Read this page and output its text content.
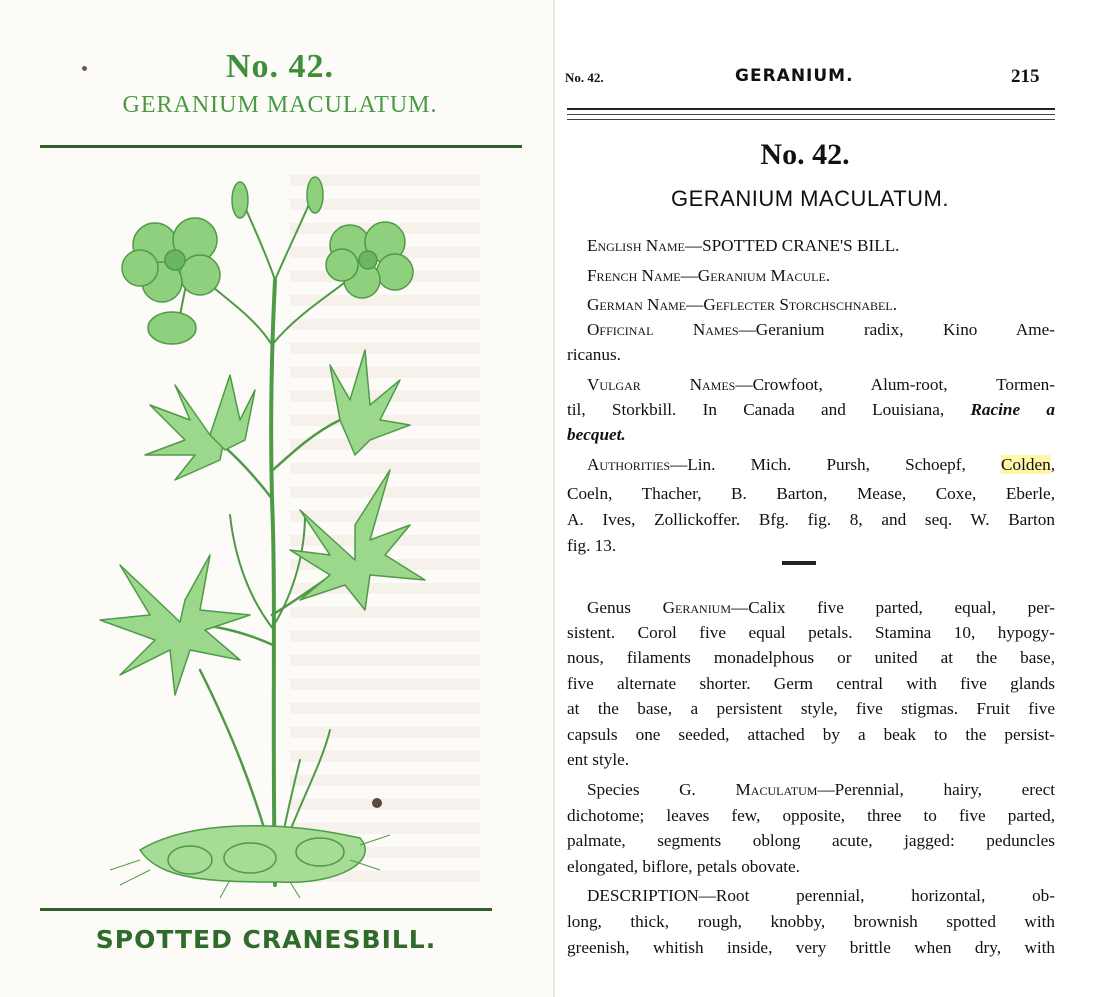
No. 42.
GERANIUM MACULATUM.
SPOTTED CRANESBILL.
No. 42.	GERANIUM.	215
No. 42.
GERANIUM MACULATUM.
English Name—SPOTTED CRANE'S BILL.
French Name—Geranium Macule.
German Name—Geflecter Storchschnabel.
Officinal Names—Geranium radix, Kino Ame-
ricanus.
Vulgar Names—Crowfoot, Alum-root, Tormen-
til, Storkbill. In Canada and Louisiana, Racine a
becquet.
Authorities—Lin. Mich. Pursh, Schoepf, Colden,
Coeln, Thacher, B. Barton, Mease, Coxe, Eberle,
A. Ives, Zollickoffer. Bfg. fig. 8, and seq. W. Barton
fig. 13.
Genus Geranium—Calix five parted, equal, per-
sistent. Corol five equal petals. Stamina 10, hypogy-
nous, filaments monadelphous or united at the base,
five alternate shorter. Germ central with five glands
at the base, a persistent style, five stigmas. Fruit five
capsuls one seeded, attached by a beak to the persist-
ent style.
Species G. Maculatum—Perennial, hairy, erect
dichotome; leaves few, opposite, three to five parted,
palmate, segments oblong acute, jagged: peduncles
elongated, biflore, petals obovate.
DESCRIPTION—Root perennial, horizontal, ob-
long, thick, rough, knobby, brownish spotted with
greenish, whitish inside, very brittle when dry, with
